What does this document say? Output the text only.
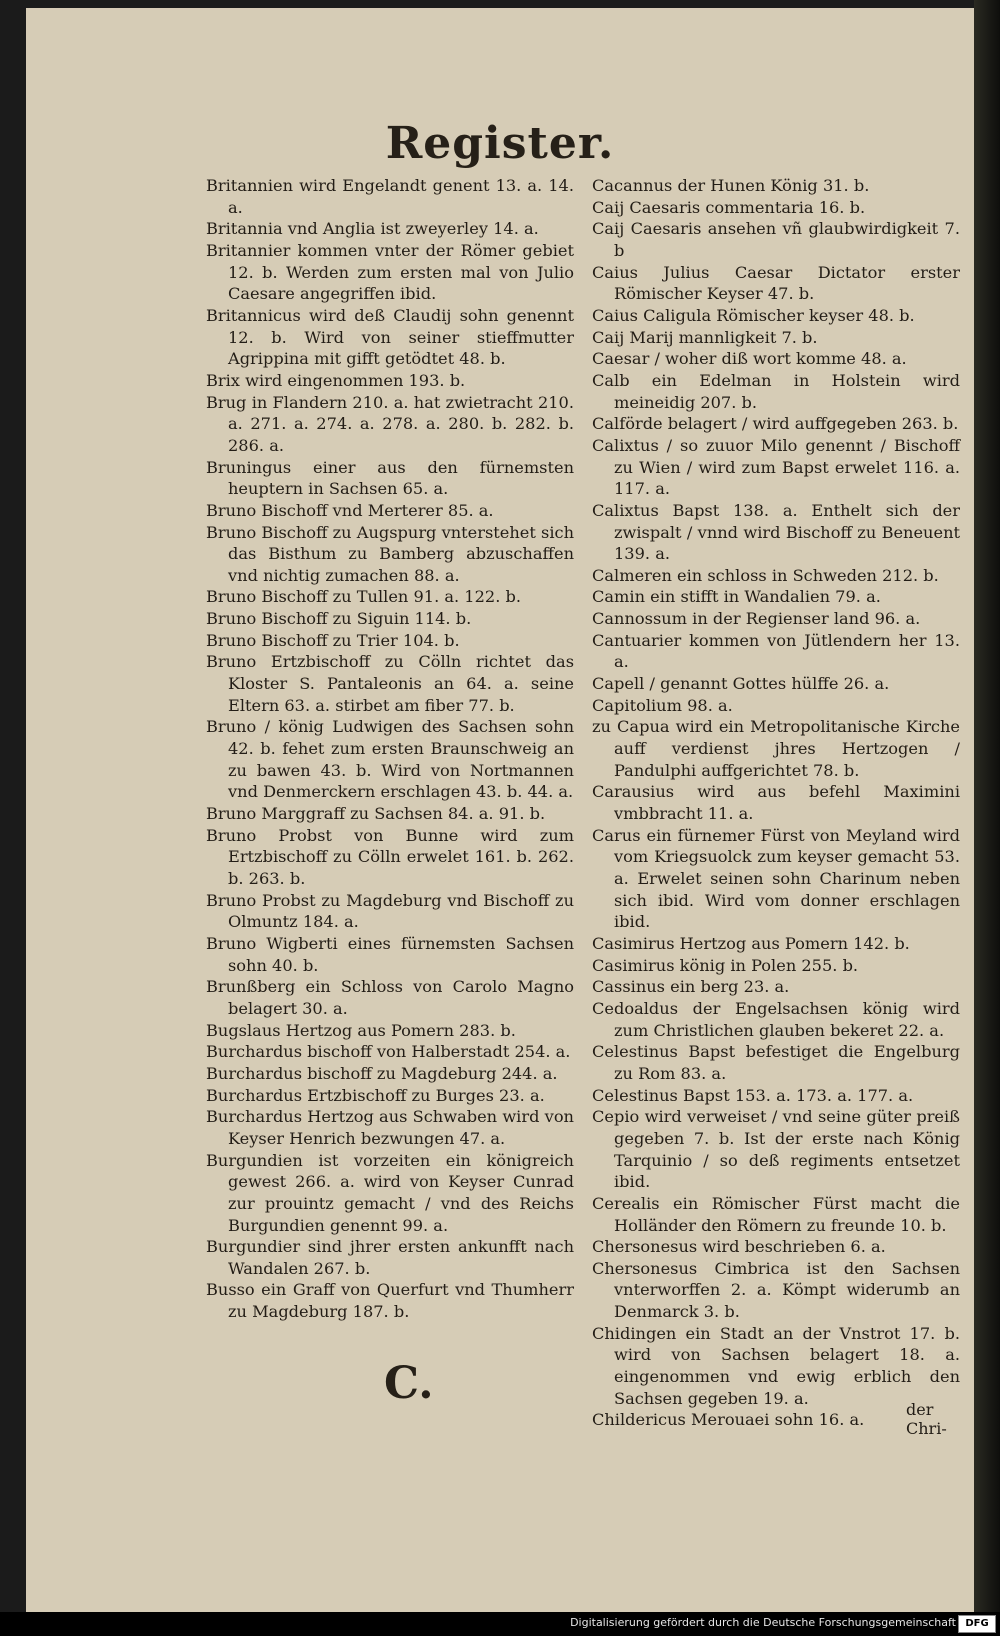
Register.
Britannien wird Engelandt genent 13. a. 14. a.
Britannia vnd Anglia ist zweyerley 14. a.
Britannier kommen vnter der Römer gebiet 12. b. Werden zum ersten mal von Julio Caesare angegriffen ibid.
Britannicus wird deß Claudij sohn genennt 12. b. Wird von seiner stieffmutter Agrippina mit gifft getödtet 48. b.
Brix wird eingenommen 193. b.
Brug in Flandern 210. a. hat zwietracht 210. a. 271. a. 274. a. 278. a. 280. b. 282. b. 286. a.
Bruningus einer aus den fürnemsten heuptern in Sachsen 65. a.
Bruno Bischoff vnd Merterer 85. a.
Bruno Bischoff zu Augspurg vnterstehet sich das Bisthum zu Bamberg abzuschaffen vnd nichtig zumachen 88. a.
Bruno Bischoff zu Tullen 91. a. 122. b.
Bruno Bischoff zu Siguin 114. b.
Bruno Bischoff zu Trier 104. b.
Bruno Ertzbischoff zu Cölln richtet das Kloster S. Pantaleonis an 64. a. seine Eltern 63. a. stirbet am fiber 77. b.
Bruno / könig Ludwigen des Sachsen sohn 42. b. fehet zum ersten Braunschweig an zu bawen 43. b. Wird von Nortmannen vnd Denmerckern erschlagen 43. b. 44. a.
Bruno Marggraff zu Sachsen 84. a. 91. b.
Bruno Probst von Bunne wird zum Ertzbischoff zu Cölln erwelet 161. b. 262. b. 263. b.
Bruno Probst zu Magdeburg vnd Bischoff zu Olmuntz 184. a.
Bruno Wigberti eines fürnemsten Sachsen sohn 40. b.
Brunßberg ein Schloss von Carolo Magno belagert 30. a.
Bugslaus Hertzog aus Pomern 283. b.
Burchardus bischoff von Halberstadt 254. a.
Burchardus bischoff zu Magdeburg 244. a.
Burchardus Ertzbischoff zu Burges 23. a.
Burchardus Hertzog aus Schwaben wird von Keyser Henrich bezwungen 47. a.
Burgundien ist vorzeiten ein königreich gewest 266. a. wird von Keyser Cunrad zur prouintz gemacht / vnd des Reichs Burgundien genennt 99. a.
Burgundier sind jhrer ersten ankunfft nach Wandalen 267. b.
Busso ein Graff von Querfurt vnd Thumherr zu Magdeburg 187. b.
Cacannus der Hunen König 31. b.
Caij Caesaris commentaria 16. b.
Caij Caesaris ansehen vñ glaubwirdigkeit 7. b
Caius Julius Caesar Dictator erster Römischer Keyser 47. b.
Caius Caligula Römischer keyser 48. b.
Caij Marij mannligkeit 7. b.
Caesar / woher diß wort komme 48. a.
Calb ein Edelman in Holstein wird meineidig 207. b.
Calförde belagert / wird auffgegeben 263. b.
Calixtus / so zuuor Milo genennt / Bischoff zu Wien / wird zum Bapst erwelet 116. a. 117. a.
Calixtus Bapst 138. a. Enthelt sich der zwispalt / vnnd wird Bischoff zu Beneuent 139. a.
Calmeren ein schloss in Schweden 212. b.
Camin ein stifft in Wandalien 79. a.
Cannossum in der Regienser land 96. a.
Cantuarier kommen von Jütlendern her 13. a.
Capell / genannt Gottes hülffe 26. a.
Capitolium 98. a.
zu Capua wird ein Metropolitanische Kirche auff verdienst jhres Hertzogen / Pandulphi auffgerichtet 78. b.
Carausius wird aus befehl Maximini vmbbracht 11. a.
Carus ein fürnemer Fürst von Meyland wird vom Kriegsuolck zum keyser gemacht 53. a. Erwelet seinen sohn Charinum neben sich ibid. Wird vom donner erschlagen ibid.
Casimirus Hertzog aus Pomern 142. b.
Casimirus könig in Polen 255. b.
Cassinus ein berg 23. a.
Cedoaldus der Engelsachsen könig wird zum Christlichen glauben bekeret 22. a.
Celestinus Bapst befestiget die Engelburg zu Rom 83. a.
Celestinus Bapst 153. a. 173. a. 177. a.
Cepio wird verweiset / vnd seine güter preiß gegeben 7. b. Ist der erste nach König Tarquinio / so deß regiments entsetzet ibid.
Cerealis ein Römischer Fürst macht die Holländer den Römern zu freunde 10. b.
Chersonesus wird beschrieben 6. a.
Chersonesus Cimbrica ist den Sachsen vnterworffen 2. a. Kömpt widerumb an Denmarck 3. b.
Chidingen ein Stadt an der Vnstrot 17. b. wird von Sachsen belagert 18. a. eingenommen vnd ewig erblich den Sachsen gegeben 19. a.
Childericus Merouaei sohn 16. a.
C.
der Chri-
Digitalisierung gefördert durch die Deutsche Forschungsgemeinschaft DFG
